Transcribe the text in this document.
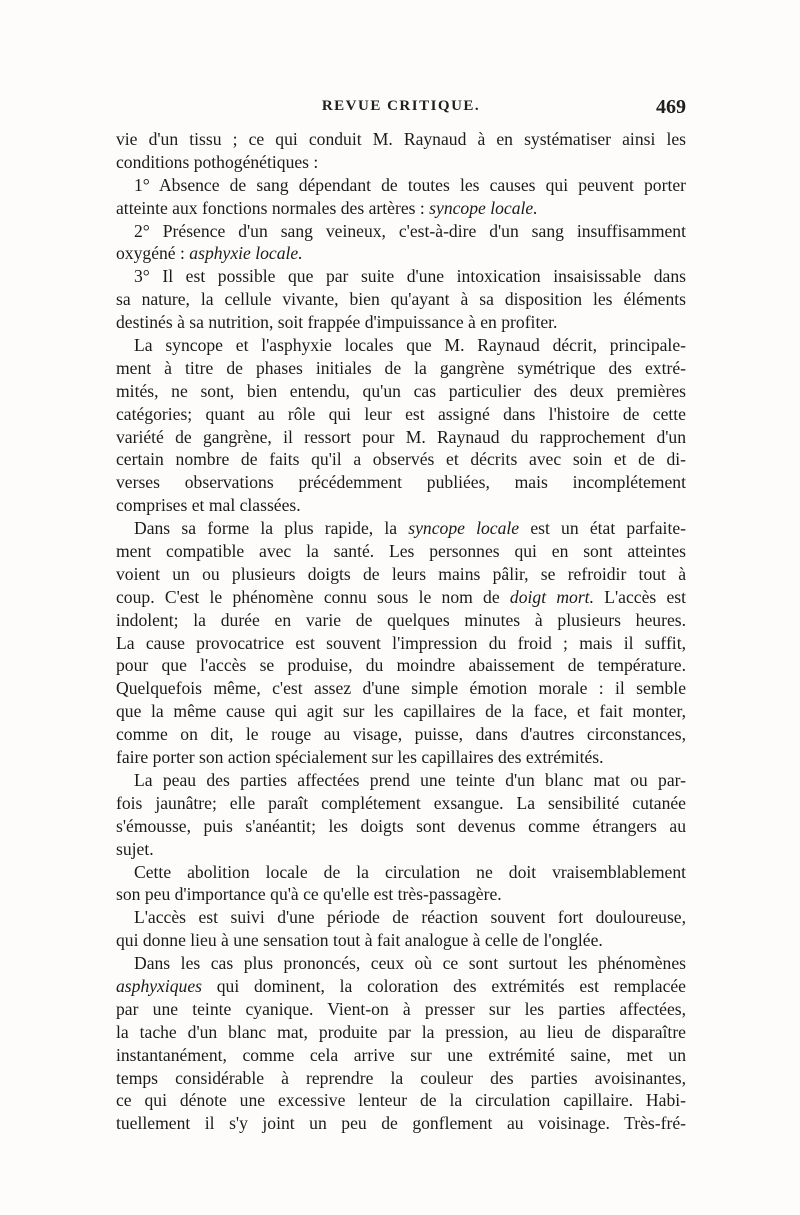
REVUE CRITIQUE.	469
vie d'un tissu ; ce qui conduit M. Raynaud à en systématiser ainsi les
conditions pothogénétiques :
1° Absence de sang dépendant de toutes les causes qui peuvent porter
atteinte aux fonctions normales des artères : syncope locale.
2° Présence d'un sang veineux, c'est-à-dire d'un sang insuffisamment
oxygéné : asphyxie locale.
3° Il est possible que par suite d'une intoxication insaisissable dans
sa nature, la cellule vivante, bien qu'ayant à sa disposition les éléments
destinés à sa nutrition, soit frappée d'impuissance à en profiter.
La syncope et l'asphyxie locales que M. Raynaud décrit, principale-
ment à titre de phases initiales de la gangrène symétrique des extré-
mités, ne sont, bien entendu, qu'un cas particulier des deux premières
catégories; quant au rôle qui leur est assigné dans l'histoire de cette
variété de gangrène, il ressort pour M. Raynaud du rapprochement d'un
certain nombre de faits qu'il a observés et décrits avec soin et de di-
verses observations précédemment publiées, mais incomplétement
comprises et mal classées.
Dans sa forme la plus rapide, la syncope locale est un état parfaite-
ment compatible avec la santé. Les personnes qui en sont atteintes
voient un ou plusieurs doigts de leurs mains pâlir, se refroidir tout à
coup. C'est le phénomène connu sous le nom de doigt mort. L'accès est
indolent; la durée en varie de quelques minutes à plusieurs heures.
La cause provocatrice est souvent l'impression du froid ; mais il suffit,
pour que l'accès se produise, du moindre abaissement de température.
Quelquefois même, c'est assez d'une simple émotion morale : il semble
que la même cause qui agit sur les capillaires de la face, et fait monter,
comme on dit, le rouge au visage, puisse, dans d'autres circonstances,
faire porter son action spécialement sur les capillaires des extrémités.
La peau des parties affectées prend une teinte d'un blanc mat ou par-
fois jaunâtre; elle paraît complétement exsangue. La sensibilité cutanée
s'émousse, puis s'anéantit; les doigts sont devenus comme étrangers au
sujet.
Cette abolition locale de la circulation ne doit vraisemblablement
son peu d'importance qu'à ce qu'elle est très-passagère.
L'accès est suivi d'une période de réaction souvent fort douloureuse,
qui donne lieu à une sensation tout à fait analogue à celle de l'onglée.
Dans les cas plus prononcés, ceux où ce sont surtout les phénomènes
asphyxiques qui dominent, la coloration des extrémités est remplacée
par une teinte cyanique. Vient-on à presser sur les parties affectées,
la tache d'un blanc mat, produite par la pression, au lieu de disparaître
instantanément, comme cela arrive sur une extrémité saine, met un
temps considérable à reprendre la couleur des parties avoisinantes,
ce qui dénote une excessive lenteur de la circulation capillaire. Habi-
tuellement il s'y joint un peu de gonflement au voisinage. Très-fré-
